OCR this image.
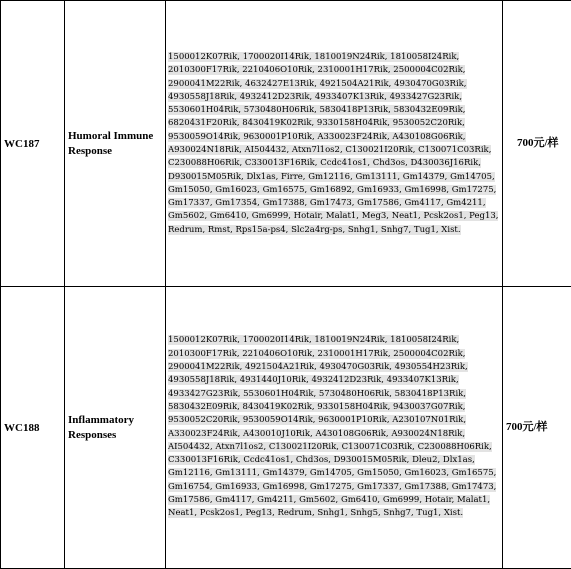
WC187	Humoral Immune Response	1500012K07Rik, 1700020I14Rik, 1810019N24Rik, 1810058I24Rik, 2010300F17Rik, 2210406O10Rik, 2310001H17Rik, 2500004C02Rik, 2900041M22Rik, 4632427E13Rik, 4921504A21Rik, 4930470G03Rik, 4930558J18Rik, 4932412D23Rik, 4933407K13Rik, 4933427G23Rik, 5530601H04Rik, 5730480H06Rik, 5830418P13Rik, 5830432E09Rik, 6820431F20Rik, 8430419K02Rik, 9330158H04Rik, 9530052C20Rik, 9530059O14Rik, 9630001P10Rik, A330023F24Rik, A430108G06Rik, A930024N18Rik, AI504432, Atxn7l1os2, C130021I20Rik, C130071C03Rik, C230088H06Rik, C330013F16Rik, Ccdc41os1, Chd3os, D430036J16Rik, D930015M05Rik, Dlx1as, Firre, Gm12116, Gm13111, Gm14379, Gm14705, Gm15050, Gm16023, Gm16575, Gm16892, Gm16933, Gm16998, Gm17275, Gm17337, Gm17354, Gm17388, Gm17473, Gm17586, Gm4117, Gm4211, Gm5602, Gm6410, Gm6999, Hotair, Malat1, Meg3, Neat1, Pcsk2os1, Peg13, Redrum, Rmst, Rps15a-ps4, Slc2a4rg-ps, Snhg1, Snhg7, Tug1, Xist.	700元/样

WC188	Inflammatory Responses	1500012K07Rik, 1700020I14Rik, 1810019N24Rik, 1810058I24Rik, 2010300F17Rik, 2210406O10Rik, 2310001H17Rik, 2500004C02Rik, 2900041M22Rik, 4921504A21Rik, 4930470G03Rik, 4930554H23Rik, 4930558J18Rik, 4931440J10Rik, 4932412D23Rik, 4933407K13Rik, 4933427G23Rik, 5530601H04Rik, 5730480H06Rik, 5830418P13Rik, 5830432E09Rik, 8430419K02Rik, 9330158H04Rik, 9430037G07Rik, 9530052C20Rik, 9530059O14Rik, 9630001P10Rik, A230107N01Rik, A330023F24Rik, A430010J10Rik, A430108G06Rik, A930024N18Rik, AI504432, Atxn7l1os2, C130021I20Rik, C130071C03Rik, C230088H06Rik, C330013F16Rik, Ccdc41os1, Chd3os, D930015M05Rik, Dleu2, Dlx1as, Gm12116, Gm13111, Gm14379, Gm14705, Gm15050, Gm16023, Gm16575, Gm16754, Gm16933, Gm16998, Gm17275, Gm17337, Gm17388, Gm17473, Gm17586, Gm4117, Gm4211, Gm5602, Gm6410, Gm6999, Hotair, Malat1, Neat1, Pcsk2os1, Peg13, Redrum, Snhg1, Snhg5, Snhg7, Tug1, Xist.	700元/样
